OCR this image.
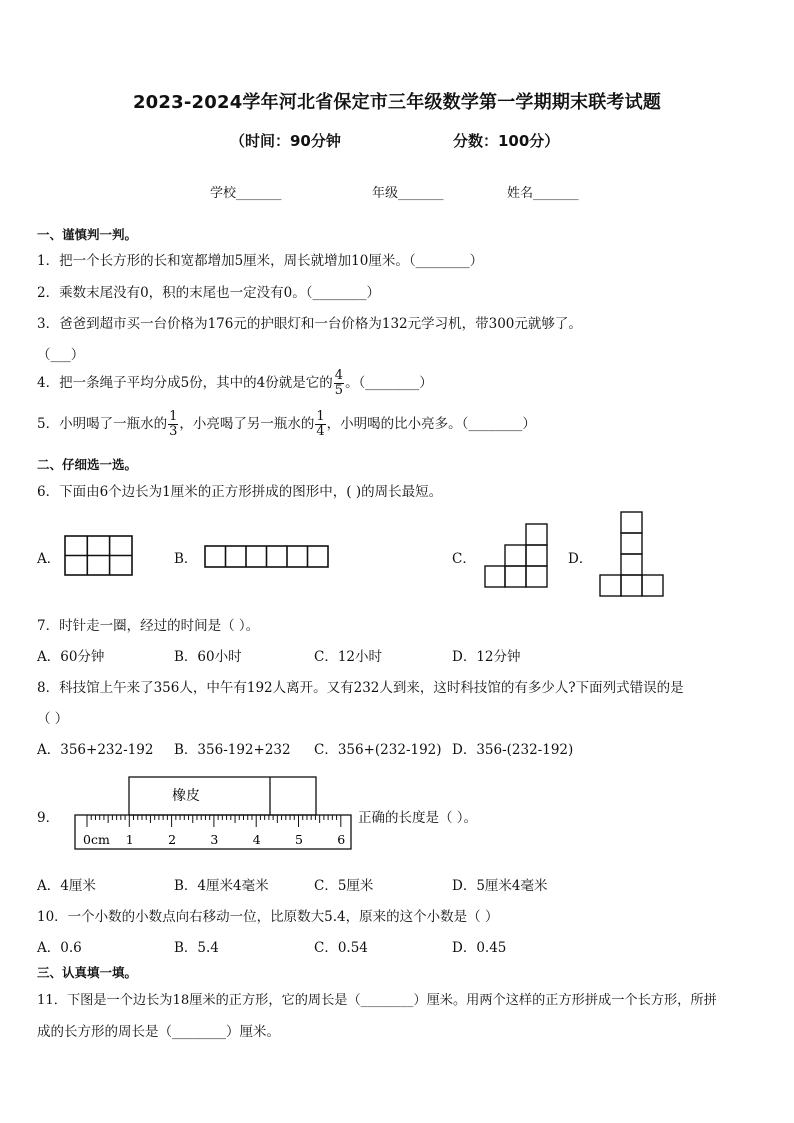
2023-2024学年河北省保定市三年级数学第一学期期末联考试题
（时间：90分钟	分数：100分）
学校_______	年级_______	姓名_______
一、谨慎判一判。
1．把一个长方形的长和宽都增加5厘米，周长就增加10厘米。（________）
2．乘数末尾没有0，积的末尾也一定没有0。（________）
3．爸爸到超市买一台价格为176元的护眼灯和一台价格为132元学习机，带300元就够了。
（___）
4．把一条绳子平均分成5份，其中的4份就是它的 $\frac{4}{5}$ 。（________）
5．小明喝了一瓶水的 $\frac{1}{3}$ ，小亮喝了另一瓶水的 $\frac{1}{4}$ ，小明喝的比小亮多。（________）
二、仔细选一选。
6．下面由6个边长为1厘米的正方形拼成的图形中，( )的周长最短。
A．	B．	C．	D．
7．时针走一圈，经过的时间是（ ）。
A．60分钟	B．60小时	C．12小时	D．12分钟
8．科技馆上午来了356人，中午有192人离开。又有232人到来，这时科技馆的有多少人?下面列式错误的是
（ ）
A．356+232-192 B．356-192+232 C．356+(232-192) D．356-(232-192)
9．
橡皮
0cm 1	2	3	4	5	6
正确的长度是（ ）。
A．4厘米	B．4厘米4毫米	C．5厘米	D．5厘米4毫米
10．一个小数的小数点向右移动一位，比原数大5.4，原来的这个小数是（ ）
A．0.6	B．5.4	C．0.54	D．0.45
三、认真填一填。
11．下图是一个边长为18厘米的正方形，它的周长是（________）厘米。用两个这样的正方形拼成一个长方形，所拼
成的长方形的周长是（________）厘米。
